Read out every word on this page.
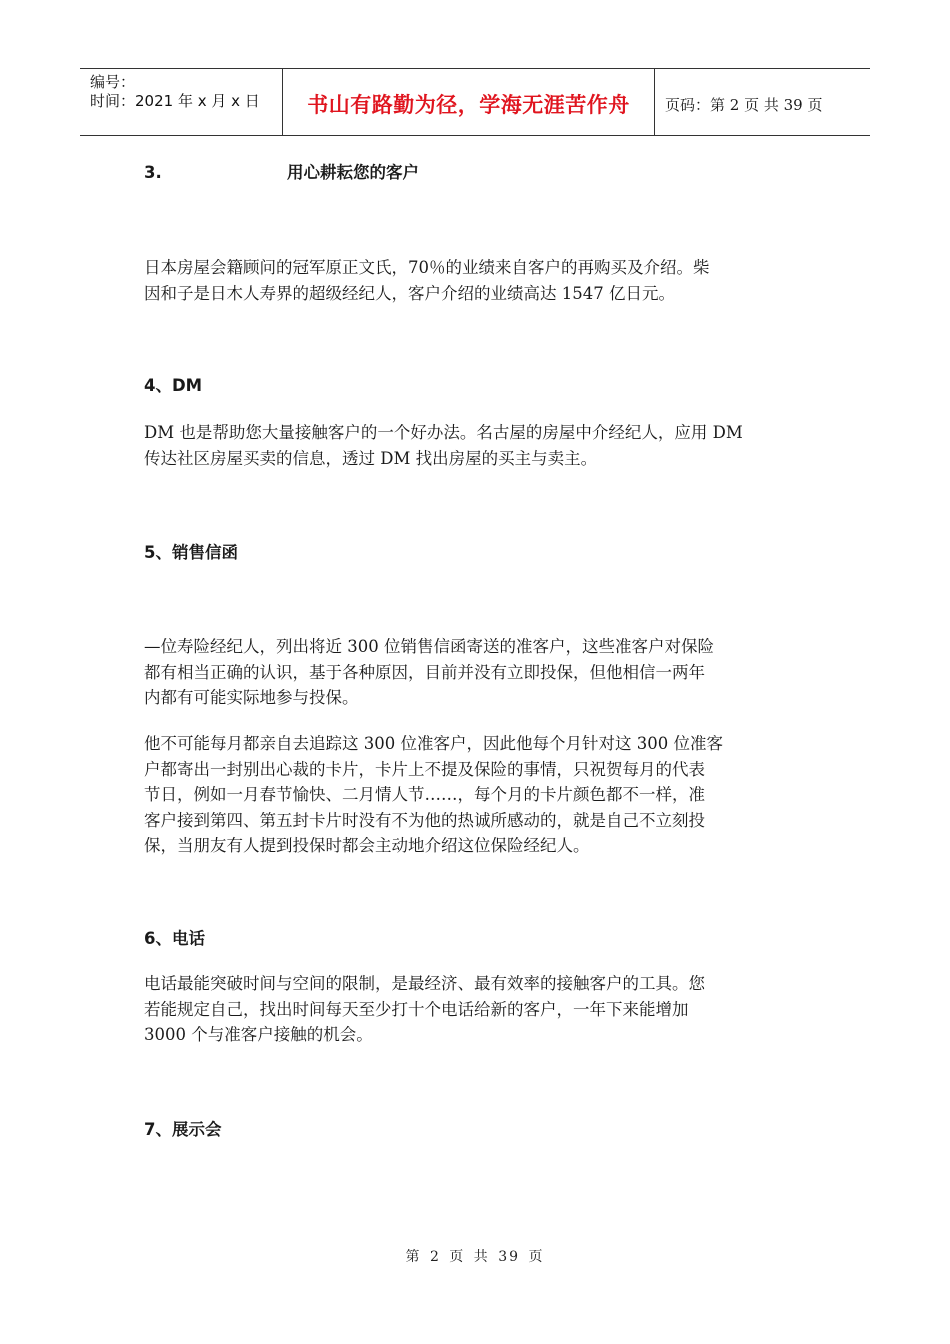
编号：
时间：2021 年 x 月 x 日	书山有路勤为径，学海无涯苦作舟	页码：第 2 页 共 39 页
3.	用心耕耘您的客户
日本房屋会籍顾问的冠军原正文氏，70％的业绩来自客户的再购买及介绍。柴
因和子是日木人寿界的超级经纪人，客户介绍的业绩高达 1547 亿日元。
4、DM
DM 也是帮助您大量接触客户的一个好办法。名古屋的房屋中介经纪人，应用 DM
传达社区房屋买卖的信息，透过 DM 找出房屋的买主与卖主。
5、销售信函
—位寿险经纪人，列出将近 300 位销售信函寄送的准客户，这些准客户对保险
都有相当正确的认识，基于各种原因，目前并没有立即投保，但他相信一两年
内都有可能实际地参与投保。
他不可能每月都亲自去追踪这 300 位准客户，因此他每个月针对这 300 位准客
户都寄出一封别出心裁的卡片，卡片上不提及保险的事情，只祝贺每月的代表
节日，例如一月春节愉快、二月情人节……，每个月的卡片颜色都不一样，准
客户接到第四、第五封卡片时没有不为他的热诚所感动的，就是自己不立刻投
保，当朋友有人提到投保时都会主动地介绍这位保险经纪人。
6、电话
电话最能突破时间与空间的限制，是最经济、最有效率的接触客户的工具。您
若能规定自己，找出时间每天至少打十个电话给新的客户，一年下来能增加
3000 个与准客户接触的机会。
7、展示会
第 2 页 共 39 页
